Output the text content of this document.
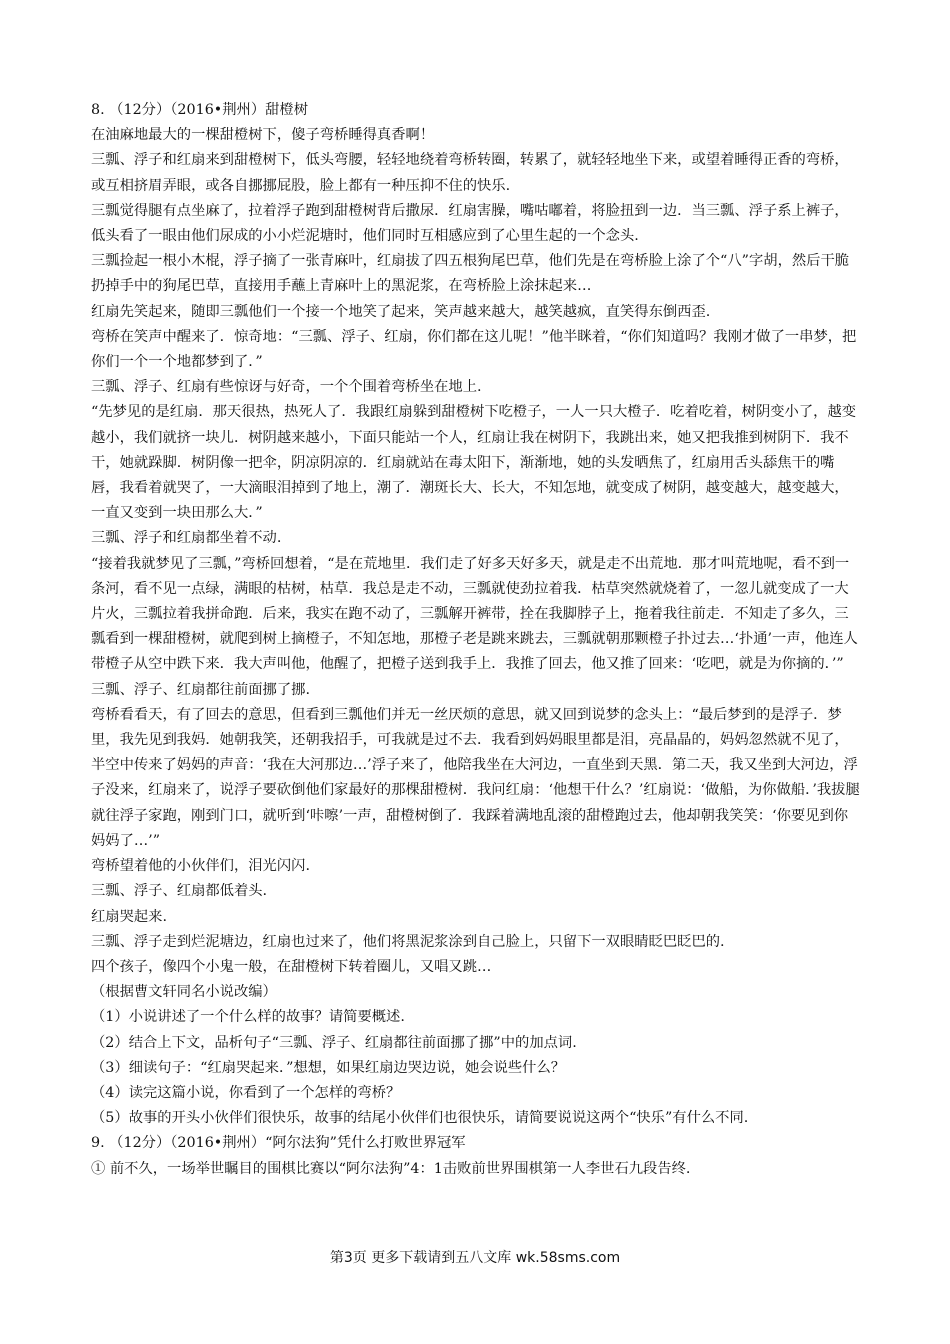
8. （12分）（2016•荆州）甜橙树

在油麻地最大的一棵甜橙树下，傻子弯桥睡得真香啊！

三瓢、浮子和红扇来到甜橙树下，低头弯腰，轻轻地绕着弯桥转圈，转累了，就轻轻地坐下来，或望着睡得正香的弯桥，或互相挤眉弄眼，或各自挪挪屁股，脸上都有一种压抑不住的快乐.

三瓢觉得腿有点坐麻了，拉着浮子跑到甜橙树背后撒尿．红扇害臊，嘴咕嘟着，将脸扭到一边．当三瓢、浮子系上裤子，低头看了一眼由他们尿成的小小烂泥塘时，他们同时互相感应到了心里生起的一个念头.

三瓢捡起一根小木棍，浮子摘了一张青麻叶，红扇拔了四五根狗尾巴草，他们先是在弯桥脸上涂了个“八”字胡，然后干脆扔掉手中的狗尾巴草，直接用手蘸上青麻叶上的黑泥浆，在弯桥脸上涂抹起来…

红扇先笑起来，随即三瓢他们一个接一个地笑了起来，笑声越来越大，越笑越疯，直笑得东倒西歪.

弯桥在笑声中醒来了．惊奇地：“三瓢、浮子、红扇，你们都在这儿呢！”他半眯着，“你们知道吗？我刚才做了一串梦，把你们一个一个地都梦到了．”

三瓢、浮子、红扇有些惊讶与好奇，一个个围着弯桥坐在地上.

“先梦见的是红扇．那天很热，热死人了．我跟红扇躲到甜橙树下吃橙子，一人一只大橙子．吃着吃着，树阴变小了，越变越小，我们就挤一块儿．树阴越来越小，下面只能站一个人，红扇让我在树阴下，我跳出来，她又把我推到树阴下．我不干，她就跺脚．树阴像一把伞，阴凉阴凉的．红扇就站在毒太阳下，渐渐地，她的头发晒焦了，红扇用舌头舔焦干的嘴唇，我看着就哭了，一大滴眼泪掉到了地上，潮了．潮斑长大、长大，不知怎地，就变成了树阴，越变越大，越变越大，一直又变到一块田那么大．”

三瓢、浮子和红扇都坐着不动.

“接着我就梦见了三瓢，”弯桥回想着，“是在荒地里．我们走了好多天好多天，就是走不出荒地．那才叫荒地呢，看不到一条河，看不见一点绿，满眼的枯树，枯草．我总是走不动，三瓢就使劲拉着我．枯草突然就烧着了，一忽儿就变成了一大片火，三瓢拉着我拼命跑．后来，我实在跑不动了，三瓢解开裤带，拴在我脚脖子上，拖着我往前走．不知走了多久，三瓢看到一棵甜橙树，就爬到树上摘橙子，不知怎地，那橙子老是跳来跳去，三瓢就朝那颗橙子扑过去…‘扑通’一声，他连人带橙子从空中跌下来．我大声叫他，他醒了，把橙子送到我手上．我推了回去，他又推了回来：‘吃吧，就是为你摘的．’”

三瓢、浮子、红扇都往前面挪了挪.

弯桥看看天，有了回去的意思，但看到三瓢他们并无一丝厌烦的意思，就又回到说梦的念头上：“最后梦到的是浮子．梦里，我先见到我妈．她朝我笑，还朝我招手，可我就是过不去．我看到妈妈眼里都是泪，亮晶晶的，妈妈忽然就不见了，半空中传来了妈妈的声音：‘我在大河那边…’浮子来了，他陪我坐在大河边，一直坐到天黑．第二天，我又坐到大河边，浮子没来，红扇来了，说浮子要砍倒他们家最好的那棵甜橙树．我问红扇：‘他想干什么？’红扇说：‘做船，为你做船．’我拔腿就往浮子家跑，刚到门口，就听到‘咔嚓’一声，甜橙树倒了．我踩着满地乱滚的甜橙跑过去，他却朝我笑笑：‘你要见到你妈妈了…’”

弯桥望着他的小伙伴们，泪光闪闪.

三瓢、浮子、红扇都低着头.

红扇哭起来.

三瓢、浮子走到烂泥塘边，红扇也过来了，他们将黑泥浆涂到自己脸上，只留下一双眼睛眨巴眨巴的.

四个孩子，像四个小鬼一般，在甜橙树下转着圈儿，又唱又跳…

（根据曹文轩同名小说改编）

（1）小说讲述了一个什么样的故事？请简要概述.

（2）结合上下文，品析句子“三瓢、浮子、红扇都往前面挪了挪”中的加点词.

（3）细读句子：“红扇哭起来．”想想，如果红扇边哭边说，她会说些什么？

（4）读完这篇小说，你看到了一个怎样的弯桥？

（5）故事的开头小伙伴们很快乐，故事的结尾小伙伴们也很快乐，请简要说说这两个“快乐”有什么不同.

9. （12分）（2016•荆州）“阿尔法狗”凭什么打败世界冠军

① 前不久，一场举世瞩目的围棋比赛以“阿尔法狗”4：1击败前世界围棋第一人李世石九段告终.

第3页 更多下载请到五八文库 wk.58sms.com
